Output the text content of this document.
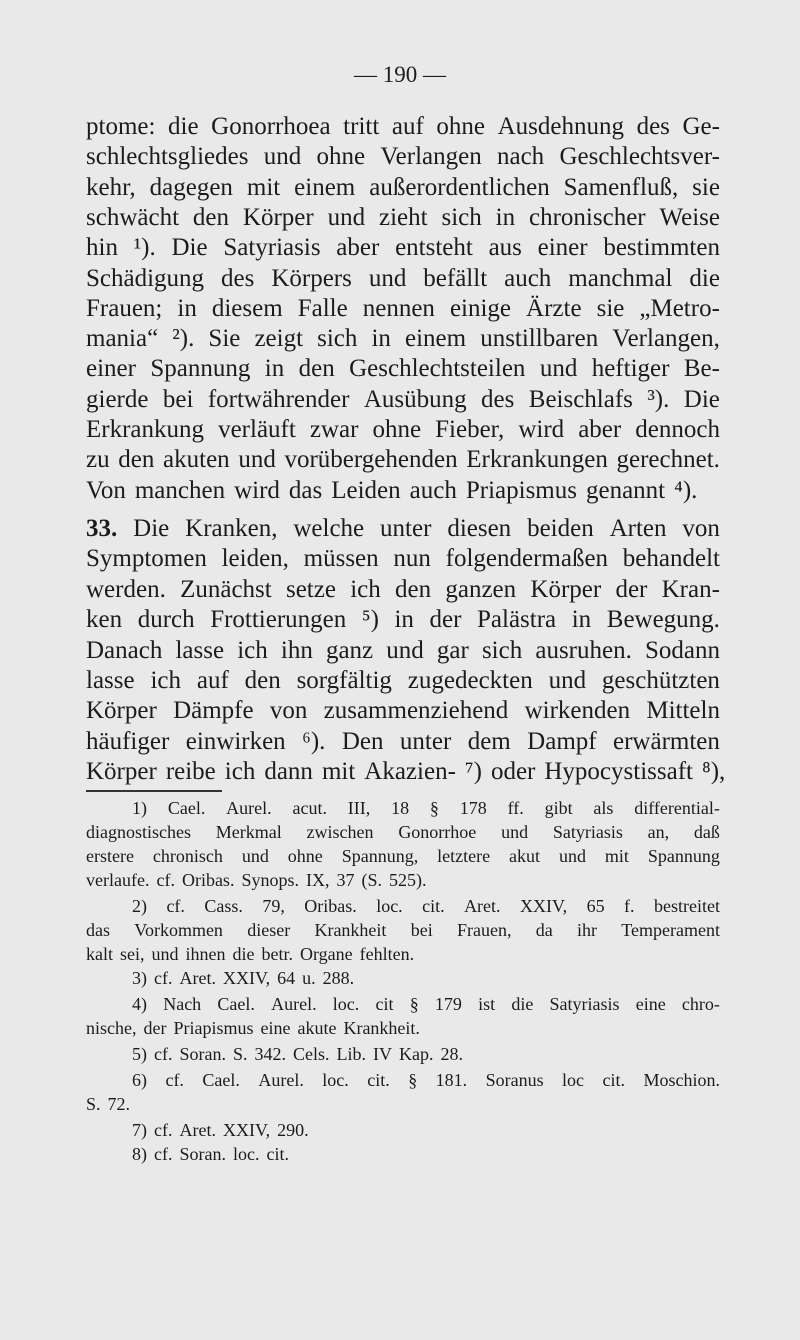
— 190 —
ptome: die Gonorrhoea tritt auf ohne Ausdehnung des Ge-
schlechtsgliedes und ohne Verlangen nach Geschlechtsver-
kehr, dagegen mit einem außerordentlichen Samenfluß, sie
schwächt den Körper und zieht sich in chronischer Weise
hin ¹). Die Satyriasis aber entsteht aus einer bestimmten
Schädigung des Körpers und befällt auch manchmal die
Frauen; in diesem Falle nennen einige Ärzte sie „Metro-
mania“ ²). Sie zeigt sich in einem unstillbaren Verlangen,
einer Spannung in den Geschlechtsteilen und heftiger Be-
gierde bei fortwährender Ausübung des Beischlafs ³). Die
Erkrankung verläuft zwar ohne Fieber, wird aber dennoch
zu den akuten und vorübergehenden Erkrankungen gerechnet.
Von manchen wird das Leiden auch Priapismus genannt ⁴).
33. Die Kranken, welche unter diesen beiden Arten von
Symptomen leiden, müssen nun folgendermaßen behandelt
werden. Zunächst setze ich den ganzen Körper der Kran-
ken durch Frottierungen ⁵) in der Palästra in Bewegung.
Danach lasse ich ihn ganz und gar sich ausruhen. Sodann
lasse ich auf den sorgfältig zugedeckten und geschützten
Körper Dämpfe von zusammenziehend wirkenden Mitteln
häufiger einwirken ⁶). Den unter dem Dampf erwärmten
Körper reibe ich dann mit Akazien- ⁷) oder Hypocystissaft ⁸),
1) Cael. Aurel. acut. III, 18 § 178 ff. gibt als differential-
diagnostisches Merkmal zwischen Gonorrhoe und Satyriasis an, daß
erstere chronisch und ohne Spannung, letztere akut und mit Spannung
verlaufe. cf. Oribas. Synops. IX, 37 (S. 525).
2) cf. Cass. 79, Oribas. loc. cit. Aret. XXIV, 65 f. bestreitet
das Vorkommen dieser Krankheit bei Frauen, da ihr Temperament
kalt sei, und ihnen die betr. Organe fehlten.
3) cf. Aret. XXIV, 64 u. 288.
4) Nach Cael. Aurel. loc. cit § 179 ist die Satyriasis eine chro-
nische, der Priapismus eine akute Krankheit.
5) cf. Soran. S. 342. Cels. Lib. IV Kap. 28.
6) cf. Cael. Aurel. loc. cit. § 181. Soranus loc cit. Moschion.
S. 72.
7) cf. Aret. XXIV, 290.
8) cf. Soran. loc. cit.
